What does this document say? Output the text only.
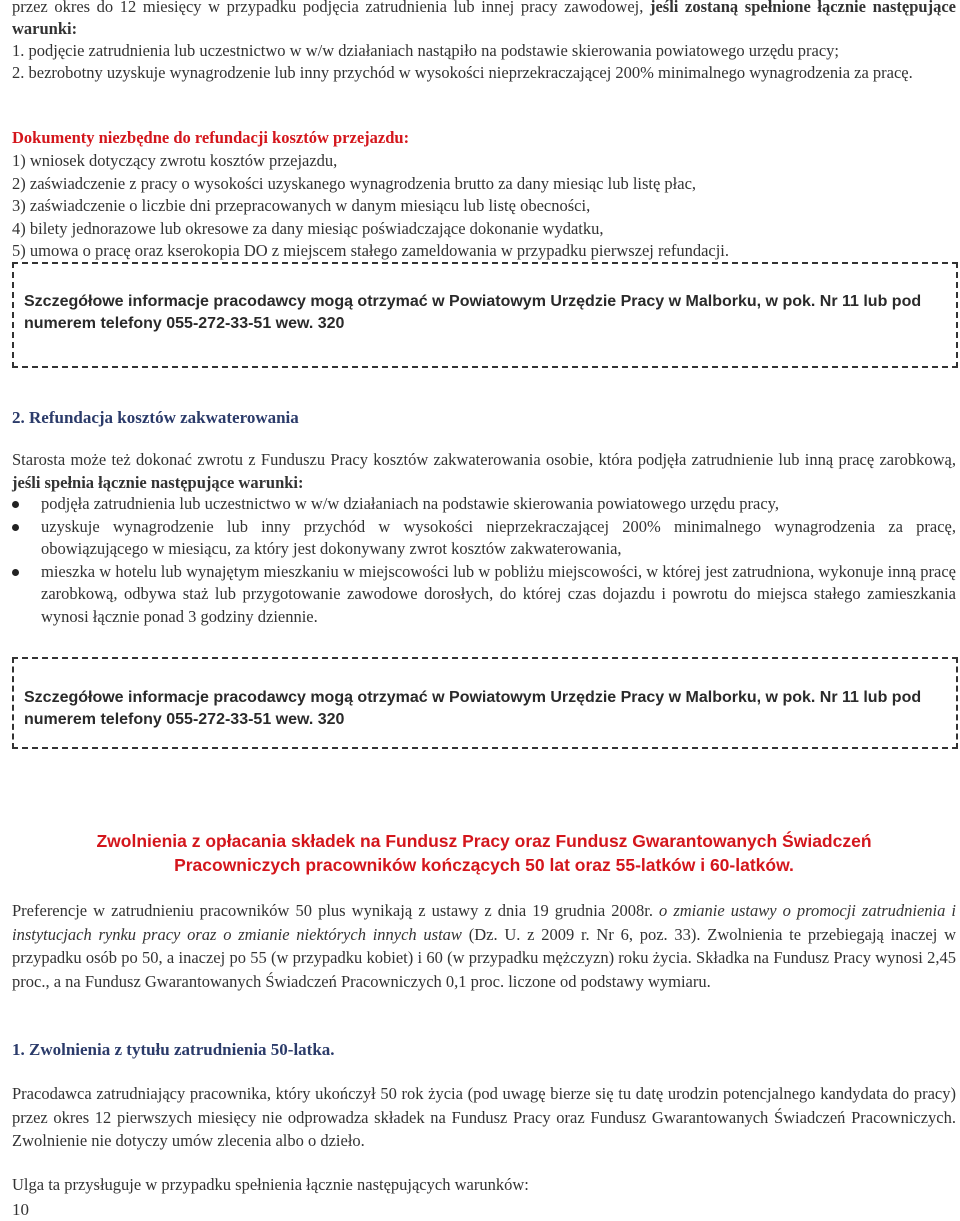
przez okres do 12 miesięcy w przypadku podjęcia zatrudnienia lub innej pracy zawodowej, jeśli zostaną spełnione łącznie następujące warunki:

1. podjęcie zatrudnienia lub uczestnictwo w w/w działaniach nastąpiło na podstawie skierowania powiatowego urzędu pracy;
2. bezrobotny uzyskuje wynagrodzenie lub inny przychód w wysokości nieprzekraczającej 200% minimalnego wynagrodzenia za pracę.
Dokumenty niezbędne do refundacji kosztów przejazdu:
1) wniosek dotyczący zwrotu kosztów przejazdu,
2) zaświadczenie z pracy o wysokości uzyskanego wynagrodzenia brutto za dany miesiąc lub listę płac,
3) zaświadczenie o liczbie dni przepracowanych w danym miesiącu lub listę obecności,
4) bilety jednorazowe lub okresowe za dany miesiąc poświadczające dokonanie wydatku,
5) umowa o pracę oraz kserokopia DO z miejscem stałego zameldowania w przypadku pierwszej refundacji.
Szczegółowe informacje pracodawcy mogą otrzymać w Powiatowym Urzędzie Pracy w Malborku, w pok. Nr 11 lub pod numerem telefony 055-272-33-51 wew. 320
2. Refundacja kosztów zakwaterowania

Starosta może też dokonać zwrotu z Funduszu Pracy kosztów zakwaterowania osobie, która podjęła zatrudnienie lub inną pracę zarobkową, jeśli spełnia łącznie następujące warunki:

podjęła zatrudnienia lub uczestnictwo w w/w działaniach na podstawie skierowania powiatowego urzędu pracy,
uzyskuje wynagrodzenie lub inny przychód w wysokości nieprzekraczającej 200% minimalnego wynagrodzenia za pracę, obowiązującego w miesiącu, za który jest dokonywany zwrot kosztów zakwaterowania,
mieszka w hotelu lub wynajętym mieszkaniu w miejscowości lub w pobliżu miejscowości, w której jest zatrudniona, wykonuje inną pracę zarobkową, odbywa staż lub przygotowanie zawodowe dorosłych, do której czas dojazdu i powrotu do miejsca stałego zamieszkania wynosi łącznie ponad 3 godziny dziennie.
Szczegółowe informacje pracodawcy mogą otrzymać w Powiatowym Urzędzie Pracy w Malborku, w pok. Nr 11 lub pod numerem telefony 055-272-33-51 wew. 320
Zwolnienia z opłacania składek na Fundusz Pracy oraz Fundusz Gwarantowanych Świadczeń
Pracowniczych pracowników kończących 50 lat oraz 55-latków i 60-latków.

Preferencje w zatrudnieniu pracowników 50 plus wynikają z ustawy z dnia 19 grudnia 2008r. o zmianie ustawy o promocji zatrudnienia i instytucjach rynku pracy oraz o zmianie niektórych innych ustaw (Dz. U. z 2009 r. Nr 6, poz. 33). Zwolnienia te przebiegają inaczej w przypadku osób po 50, a inaczej po 55 (w przypadku kobiet) i 60 (w przypadku mężczyzn) roku życia. Składka na Fundusz Pracy wynosi 2,45 proc., a na Fundusz Gwarantowanych Świadczeń Pracowniczych 0,1 proc. liczone od podstawy wymiaru.

1. Zwolnienia z tytułu zatrudnienia 50-latka.

Pracodawca zatrudniający pracownika, który ukończył 50 rok życia (pod uwagę bierze się tu datę urodzin potencjalnego kandydata do pracy) przez okres 12 pierwszych miesięcy nie odprowadza składek na Fundusz Pracy oraz Fundusz Gwarantowanych Świadczeń Pracowniczych. Zwolnienie nie dotyczy umów zlecenia albo o dzieło.

Ulga ta przysługuje w przypadku spełnienia łącznie następujących warunków:

10
